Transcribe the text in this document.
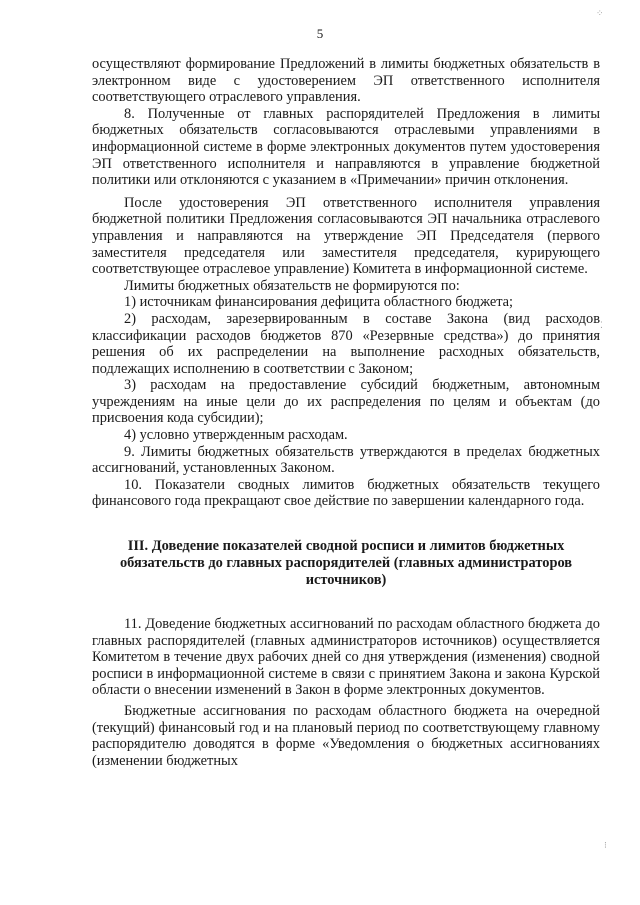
5

осуществляют формирование Предложений в лимиты бюджетных обязательств в электронном виде с удостоверением ЭП ответственного исполнителя соответствующего отраслевого управления.

8. Полученные от главных распорядителей Предложения в лимиты бюджетных обязательств согласовываются отраслевыми управлениями в информационной системе в форме электронных документов путем удостоверения ЭП ответственного исполнителя и направляются в управление бюджетной политики или отклоняются с указанием в «Примечании» причин отклонения.

После удостоверения ЭП ответственного исполнителя управления бюджетной политики Предложения согласовываются ЭП начальника отраслевого управления и направляются на утверждение ЭП Председателя (первого заместителя председателя или заместителя председателя, курирующего соответствующее отраслевое управление) Комитета в информационной системе.

Лимиты бюджетных обязательств не формируются по:

1) источникам финансирования дефицита областного бюджета;

2) расходам, зарезервированным в составе Закона (вид расходов классификации расходов бюджетов 870 «Резервные средства») до принятия решения об их распределении на выполнение расходных обязательств, подлежащих исполнению в соответствии с Законом;

3) расходам на предоставление субсидий бюджетным, автономным учреждениям на иные цели до их распределения по целям и объектам (до присвоения кода субсидии);

4) условно утвержденным расходам.

9. Лимиты бюджетных обязательств утверждаются в пределах бюджетных ассигнований, установленных Законом.

10. Показатели сводных лимитов бюджетных обязательств текущего финансового года прекращают свое действие по завершении календарного года.

III. Доведение показателей сводной росписи и лимитов бюджетных обязательств до главных распорядителей (главных администраторов источников)

11. Доведение бюджетных ассигнований по расходам областного бюджета до главных распорядителей (главных администраторов источников) осуществляется Комитетом в течение двух рабочих дней со дня утверждения (изменения) сводной росписи в информационной системе в связи с принятием Закона и закона Курской области о внесении изменений в Закон в форме электронных документов.

Бюджетные ассигнования по расходам областного бюджета на очередной (текущий) финансовый год и на плановый период по соответствующему главному распорядителю доводятся в форме «Уведомления о бюджетных ассигнованиях (изменении бюджетных

⁘
⁚
⁝
